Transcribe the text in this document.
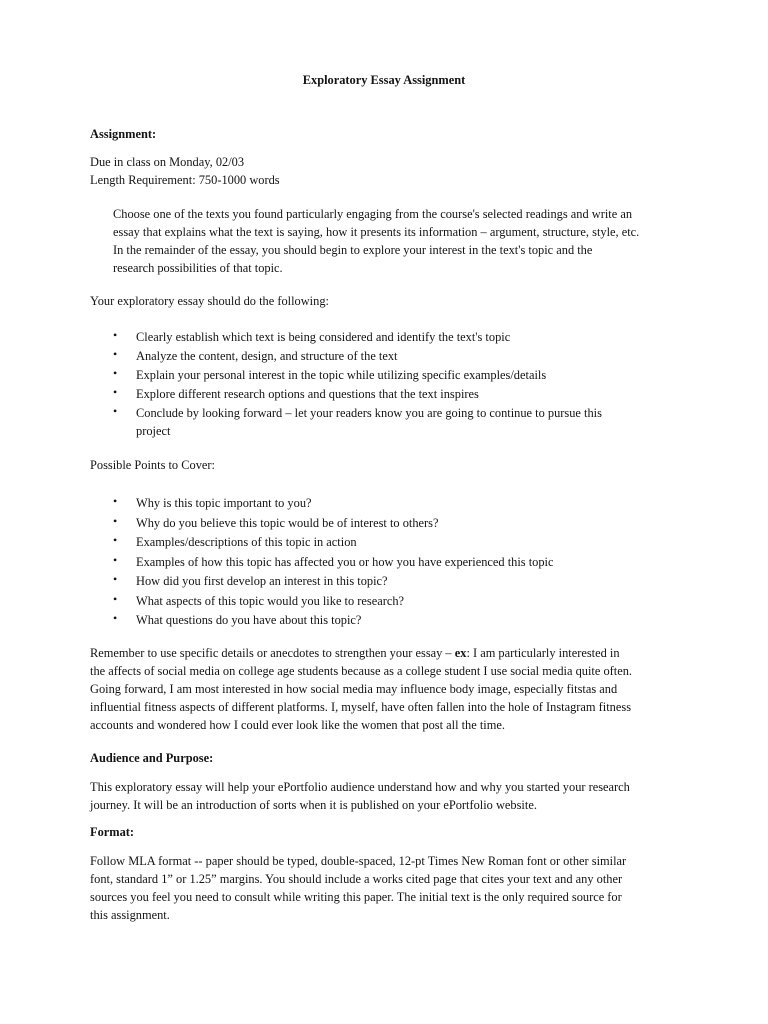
Exploratory Essay Assignment
Assignment:
Due in class on Monday, 02/03
Length Requirement: 750-1000 words
Choose one of the texts you found particularly engaging from the course's selected readings and write an
essay that explains what the text is saying, how it presents its information – argument, structure, style, etc.
In the remainder of the essay, you should begin to explore your interest in the text's topic and the
research possibilities of that topic.
Your exploratory essay should do the following:
• Clearly establish which text is being considered and identify the text's topic
• Analyze the content, design, and structure of the text
• Explain your personal interest in the topic while utilizing specific examples/details
• Explore different research options and questions that the text inspires
• Conclude by looking forward – let your readers know you are going to continue to pursue this
project
Possible Points to Cover:
• Why is this topic important to you?
• Why do you believe this topic would be of interest to others?
• Examples/descriptions of this topic in action
• Examples of how this topic has affected you or how you have experienced this topic
• How did you first develop an interest in this topic?
• What aspects of this topic would you like to research?
• What questions do you have about this topic?
Remember to use specific details or anecdotes to strengthen your essay – ex: I am particularly interested in
the affects of social media on college age students because as a college student I use social media quite often.
Going forward, I am most interested in how social media may influence body image, especially fitstas and
influential fitness aspects of different platforms. I, myself, have often fallen into the hole of Instagram fitness
accounts and wondered how I could ever look like the women that post all the time.
Audience and Purpose:
This exploratory essay will help your ePortfolio audience understand how and why you started your research
journey. It will be an introduction of sorts when it is published on your ePortfolio website.
Format:
Follow MLA format -- paper should be typed, double-spaced, 12-pt Times New Roman font or other similar
font, standard 1” or 1.25” margins. You should include a works cited page that cites your text and any other
sources you feel you need to consult while writing this paper. The initial text is the only required source for
this assignment.
